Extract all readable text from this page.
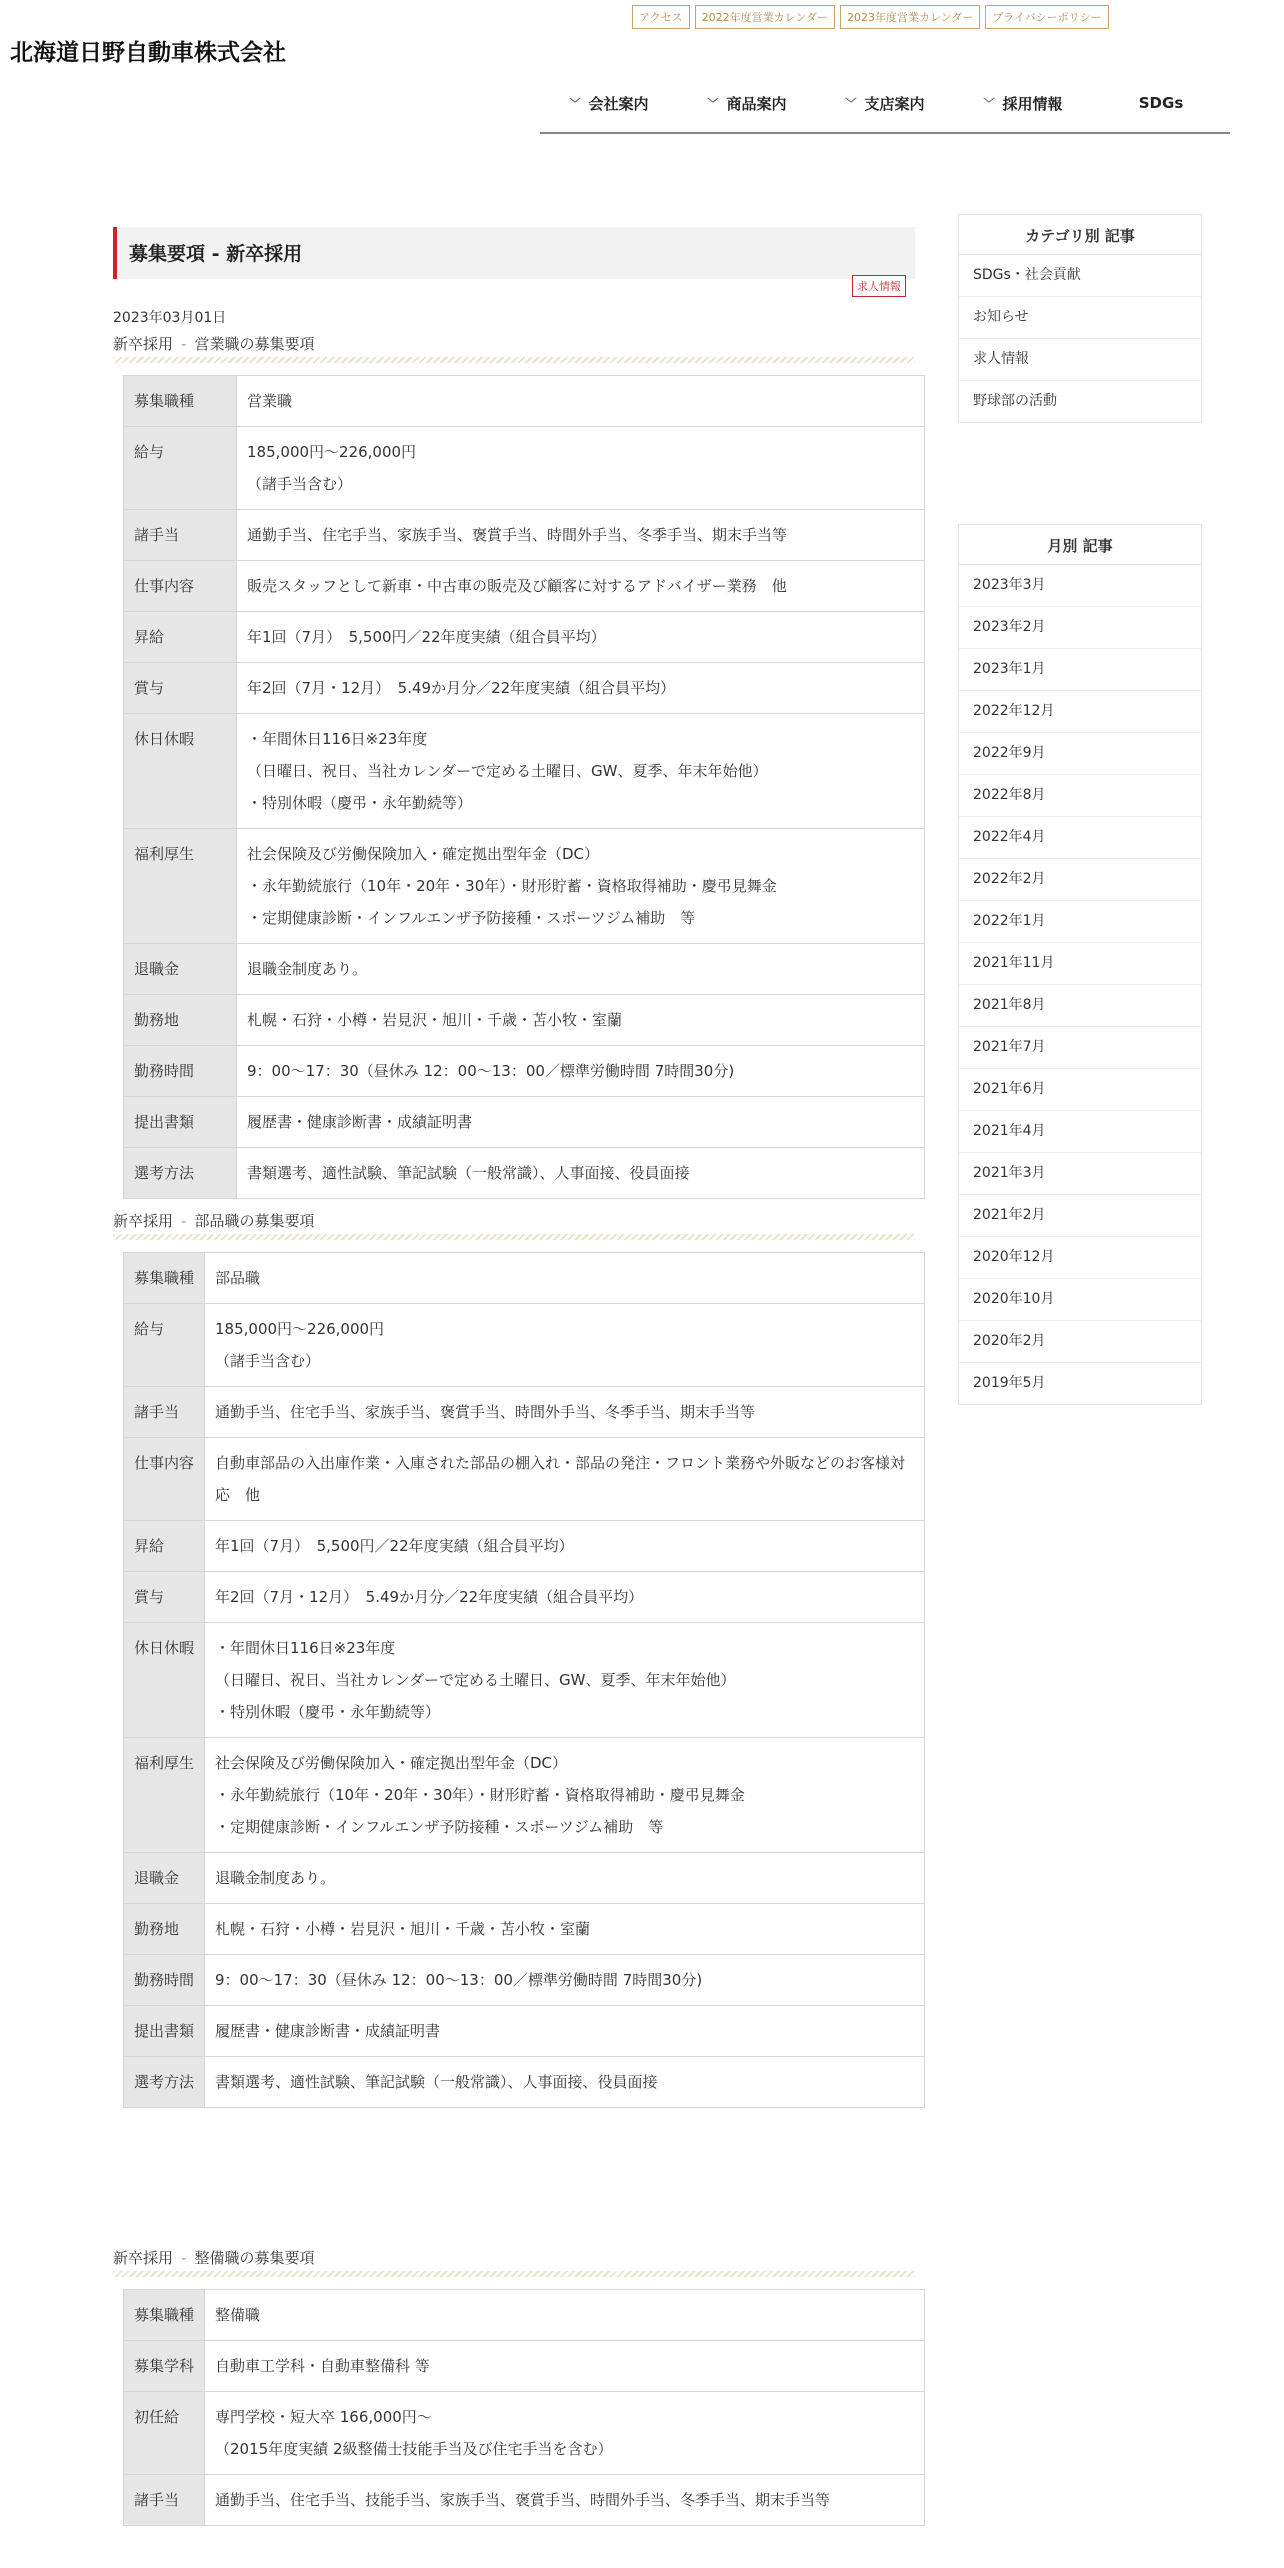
北海道日野自動車株式会社
アクセス	2022年度営業カレンダー	2023年度営業カレンダー	プライバシーポリシー
﹀ 会社案内	﹀ 商品案内	﹀ 支店案内	﹀ 採用情報	SDGs
募集要項 - 新卒採用
求人情報
2023年03月01日
新卒採用 - 営業職の募集要項
募集職種	営業職
給与	185,000円～226,000円
（諸手当含む）
諸手当	通勤手当、住宅手当、家族手当、褒賞手当、時間外手当、冬季手当、期末手当等
仕事内容	販売スタッフとして新車・中古車の販売及び顧客に対するアドバイザー業務　他
昇給	年1回（7月）　5,500円／22年度実績（組合員平均）
賞与	年2回（7月・12月）　5.49か月分／22年度実績（組合員平均）
休日休暇	・年間休日116日※23年度
（日曜日、祝日、当社カレンダーで定める土曜日、GW、夏季、年末年始他）
・特別休暇（慶弔・永年勤続等）
福利厚生	社会保険及び労働保険加入・確定拠出型年金（DC）
・永年勤続旅行（10年・20年・30年）・財形貯蓄・資格取得補助・慶弔見舞金
・定期健康診断・インフルエンザ予防接種・スポーツジム補助　等
退職金	退職金制度あり。
勤務地	札幌・石狩・小樽・岩見沢・旭川・千歳・苫小牧・室蘭
勤務時間	9：00～17：30（昼休み 12：00～13：00／標準労働時間 7時間30分)
提出書類	履歴書・健康診断書・成績証明書
選考方法	書類選考、適性試験、筆記試験（一般常識）、人事面接、役員面接
新卒採用 - 部品職の募集要項
募集職種	部品職
給与	185,000円～226,000円
（諸手当含む）
諸手当	通勤手当、住宅手当、家族手当、褒賞手当、時間外手当、冬季手当、期末手当等
仕事内容	自動車部品の入出庫作業・入庫された部品の棚入れ・部品の発注・フロント業務や外販などのお客様対応　他
昇給	年1回（7月）　5,500円／22年度実績（組合員平均）
賞与	年2回（7月・12月）　5.49か月分／22年度実績（組合員平均）
休日休暇	・年間休日116日※23年度
（日曜日、祝日、当社カレンダーで定める土曜日、GW、夏季、年末年始他）
・特別休暇（慶弔・永年勤続等）
福利厚生	社会保険及び労働保険加入・確定拠出型年金（DC）
・永年勤続旅行（10年・20年・30年）・財形貯蓄・資格取得補助・慶弔見舞金
・定期健康診断・インフルエンザ予防接種・スポーツジム補助　等
退職金	退職金制度あり。
勤務地	札幌・石狩・小樽・岩見沢・旭川・千歳・苫小牧・室蘭
勤務時間	9：00～17：30（昼休み 12：00～13：00／標準労働時間 7時間30分)
提出書類	履歴書・健康診断書・成績証明書
選考方法	書類選考、適性試験、筆記試験（一般常識）、人事面接、役員面接
新卒採用 - 整備職の募集要項
募集職種	整備職
募集学科	自動車工学科・自動車整備科 等
初任給	専門学校・短大卒 166,000円～
（2015年度実績 2級整備士技能手当及び住宅手当を含む）
諸手当	通勤手当、住宅手当、技能手当、家族手当、褒賞手当、時間外手当、冬季手当、期末手当等
カテゴリ別 記事
SDGs・社会貢献
お知らせ
求人情報
野球部の活動
月別 記事
2023年3月
2023年2月
2023年1月
2022年12月
2022年9月
2022年8月
2022年4月
2022年2月
2022年1月
2021年11月
2021年8月
2021年7月
2021年6月
2021年4月
2021年3月
2021年2月
2020年12月
2020年10月
2020年2月
2019年5月
